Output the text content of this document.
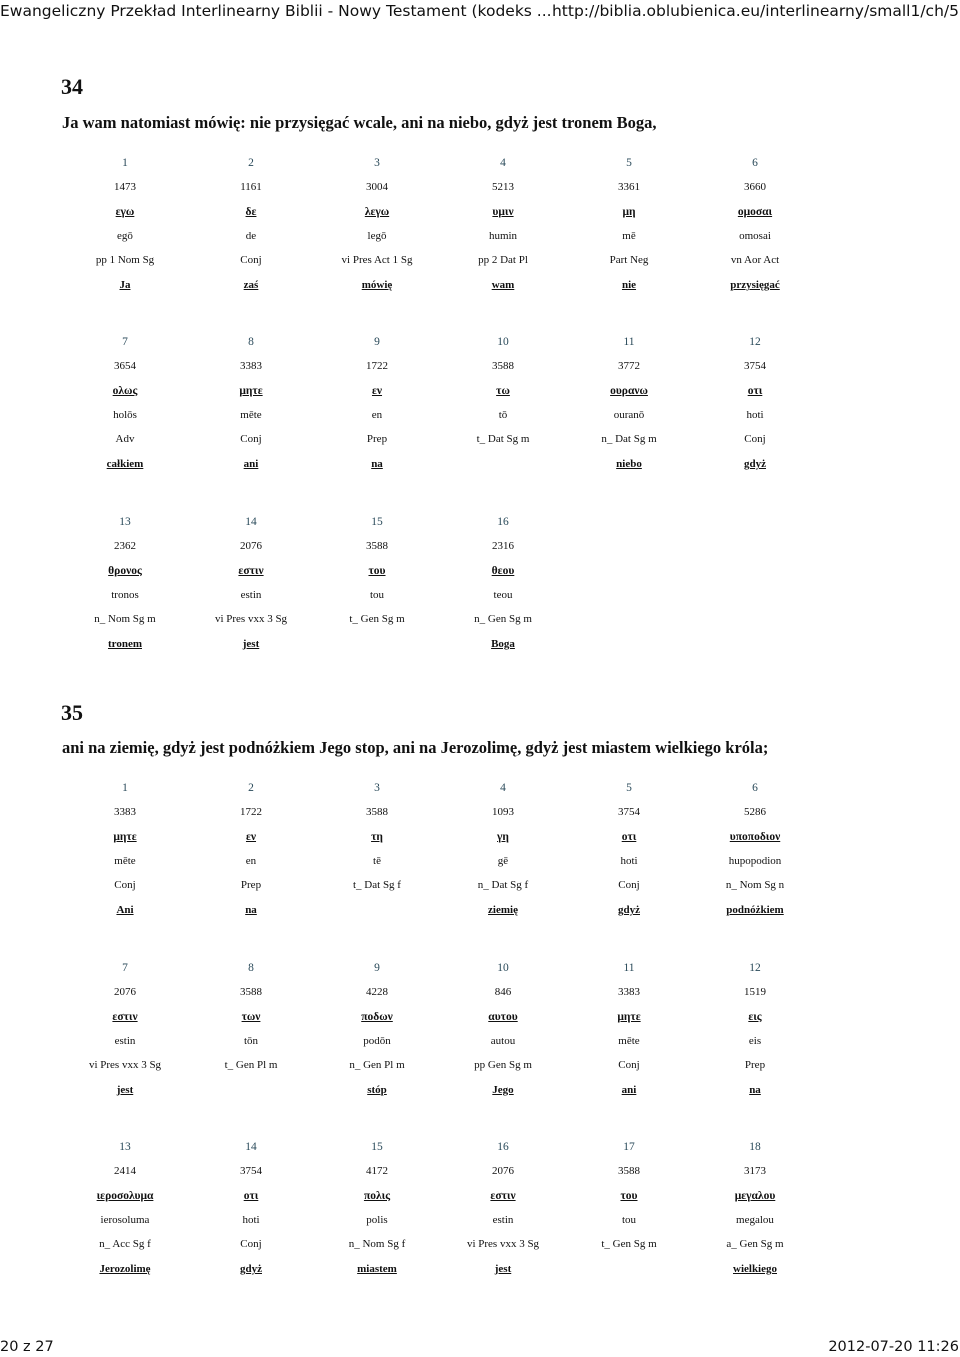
Ewangeliczny Przekład Interlinearny Biblii - Nowy Testament (kodeks ... http://biblia.oblubienica.eu/interlinearny/small1/ch/5
34
Ja wam natomiast mówię: nie przysięgać wcale, ani na niebo, gdyż jest tronem Boga,
1
1473
εγω
egō
pp 1 Nom Sg
Ja
2
1161
δε
de
Conj
zaś
3
3004
λεγω
legō
vi Pres Act 1 Sg
mówię
4
5213
υμιν
humin
pp 2 Dat Pl
wam
5
3361
μη
mē
Part Neg
nie
6
3660
ομοσαι
omosai
vn Aor Act
przysięgać
7
3654
ολως
holōs
Adv
całkiem
8
3383
μητε
mēte
Conj
ani
9
1722
εν
en
Prep
na
10
3588
τω
tō
t_ Dat Sg m
11
3772
ουρανω
ouranō
n_ Dat Sg m
niebo
12
3754
οτι
hoti
Conj
gdyż
13
2362
θρονος
tronos
n_ Nom Sg m
tronem
14
2076
εστιν
estin
vi Pres vxx 3 Sg
jest
15
3588
του
tou
t_ Gen Sg m
16
2316
θεου
teou
n_ Gen Sg m
Boga
35
ani na ziemię, gdyż jest podnóżkiem Jego stop, ani na Jerozolimę, gdyż jest miastem wielkiego króla;
1
3383
μητε
mēte
Conj
Ani
2
1722
εν
en
Prep
na
3
3588
τη
tē
t_ Dat Sg f
4
1093
γη
gē
n_ Dat Sg f
ziemię
5
3754
οτι
hoti
Conj
gdyż
6
5286
υποποδιον
hupopodion
n_ Nom Sg n
podnóżkiem
7
2076
εστιν
estin
vi Pres vxx 3 Sg
jest
8
3588
των
tōn
t_ Gen Pl m
9
4228
ποδων
podōn
n_ Gen Pl m
stóp
10
846
αυτου
autou
pp Gen Sg m
Jego
11
3383
μητε
mēte
Conj
ani
12
1519
εις
eis
Prep
na
13
2414
ιεροσολυμα
ierosoluma
n_ Acc Sg f
Jerozolimę
14
3754
οτι
hoti
Conj
gdyż
15
4172
πολις
polis
n_ Nom Sg f
miastem
16
2076
εστιν
estin
vi Pres vxx 3 Sg
jest
17
3588
του
tou
t_ Gen Sg m
18
3173
μεγαλου
megalou
a_ Gen Sg m
wielkiego
20 z 27	2012-07-20 11:26
